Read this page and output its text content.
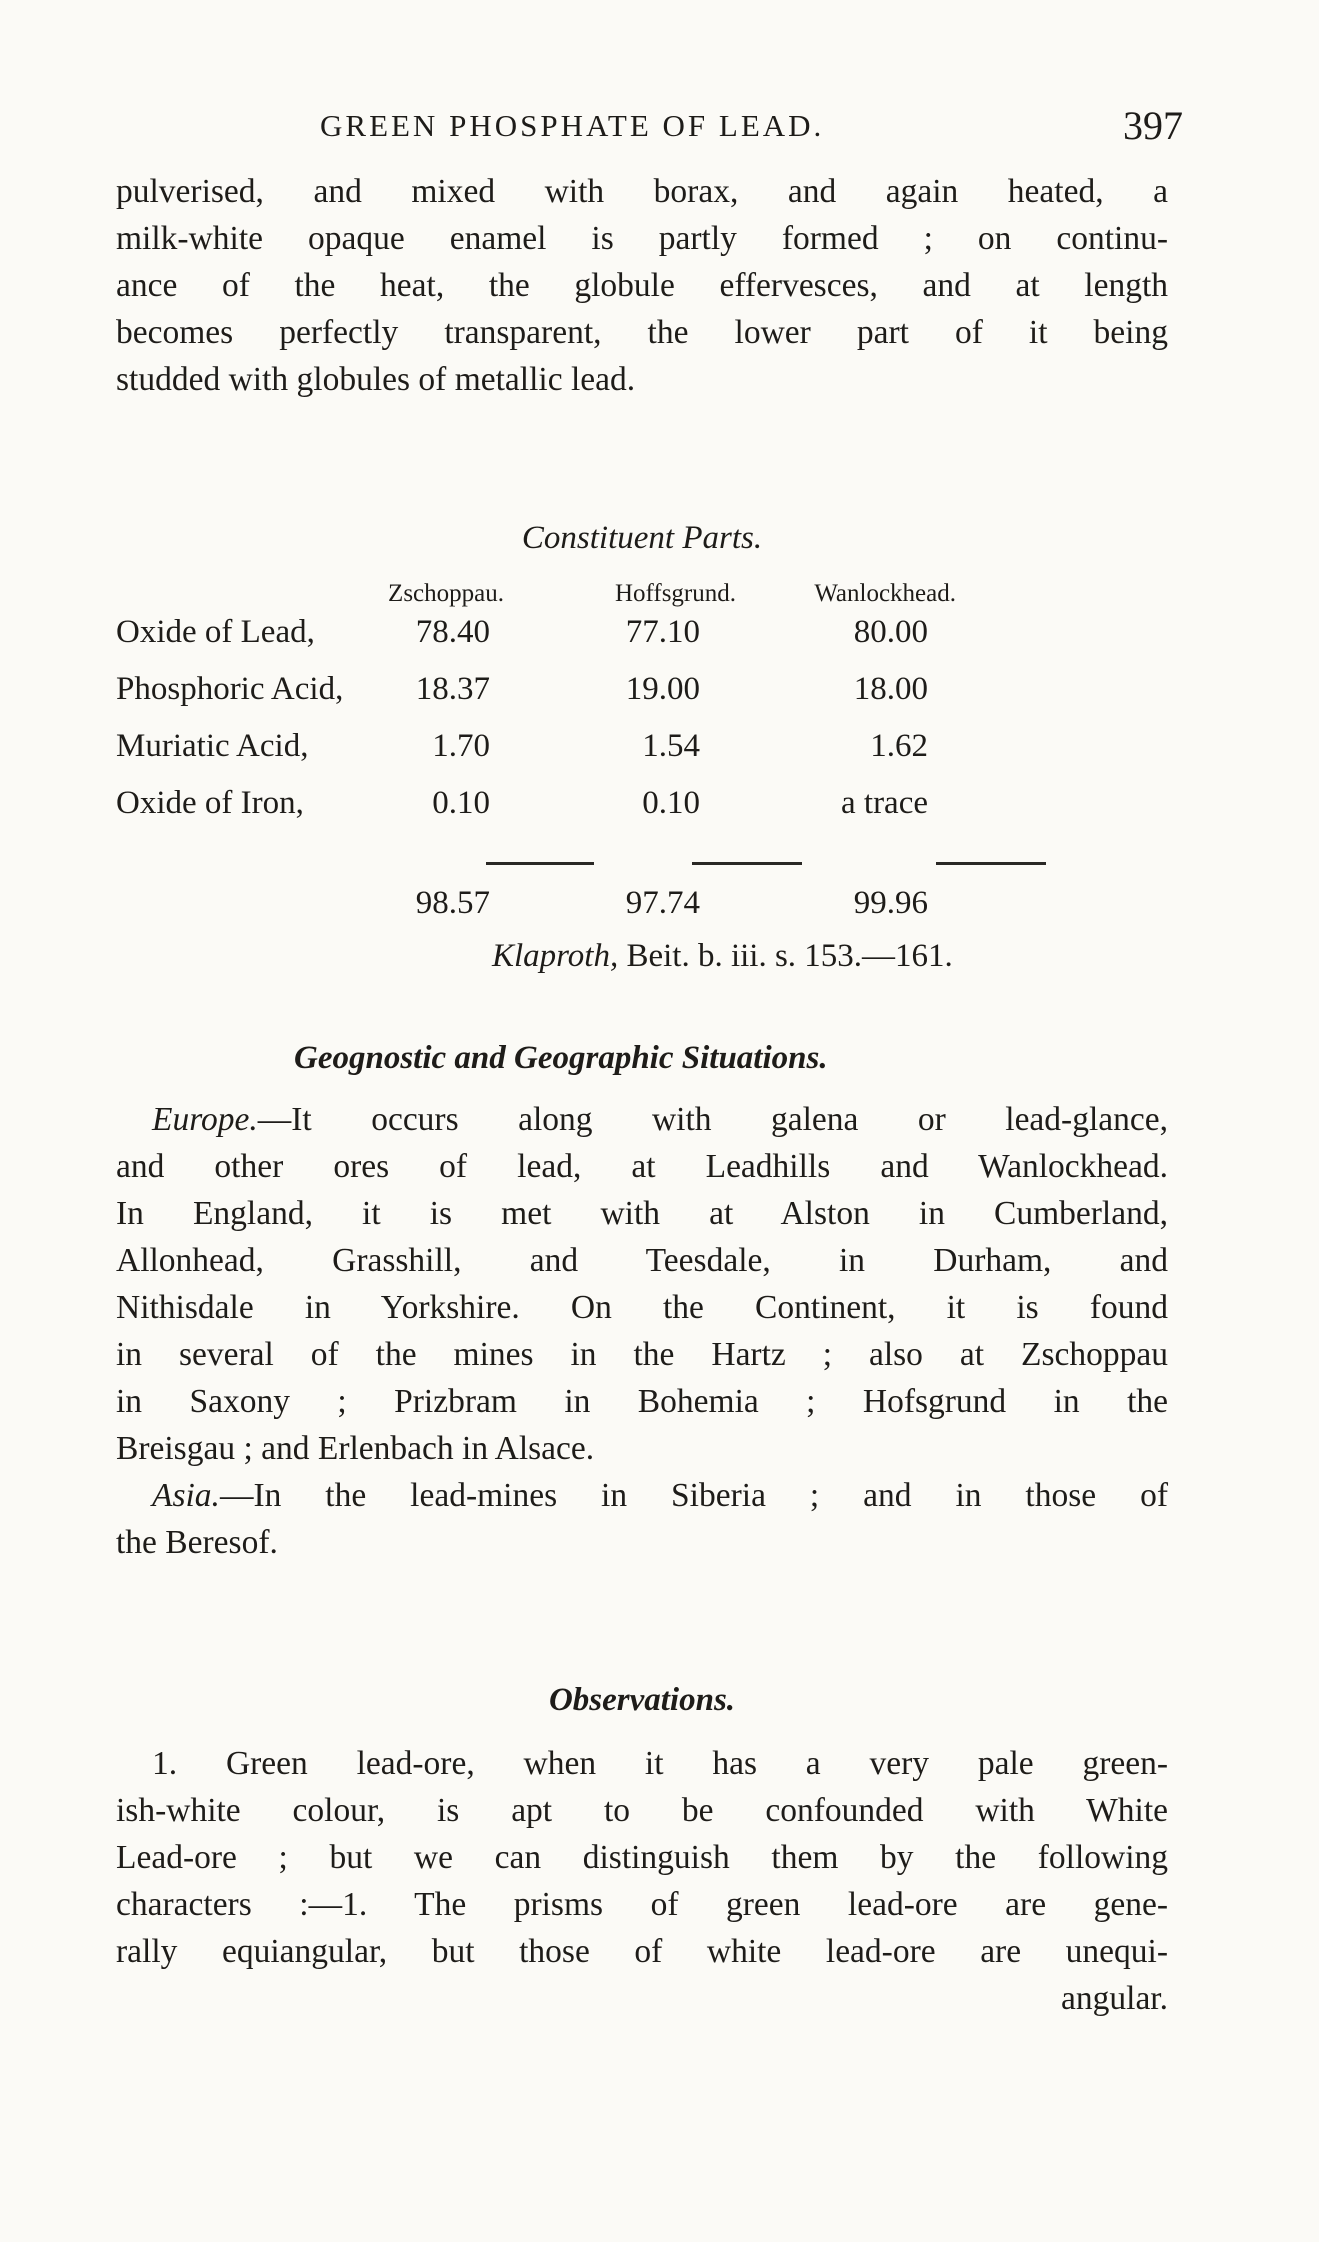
GREEN PHOSPHATE OF LEAD.	397
pulverised, and mixed with borax, and again heated, a
milk-white opaque enamel is partly formed ; on continu-
ance of the heat, the globule effervesces, and at length
becomes perfectly transparent, the lower part of it being
studded with globules of metallic lead.
Constituent Parts.
Zschoppau.	Hoffsgrund.	Wanlockhead.
Oxide of Lead,	78.40	77.10	80.00
Phosphoric Acid, 18.37	19.00	18.00
Muriatic Acid,	1.70	1.54	1.62
Oxide of Iron,	0.10	0.10	a trace
98.57	97.74	99.96
Klaproth, Beit. b. iii. s. 153.—161.
Geognostic and Geographic Situations.
Europe.—It occurs along with galena or lead-glance,
and other ores of lead, at Leadhills and Wanlockhead.
In England, it is met with at Alston in Cumberland,
Allonhead, Grasshill, and Teesdale, in Durham, and
Nithisdale in Yorkshire. On the Continent, it is found
in several of the mines in the Hartz ; also at Zschoppau
in Saxony ; Prizbram in Bohemia ; Hofsgrund in the
Breisgau ; and Erlenbach in Alsace.
Asia.—In the lead-mines in Siberia ; and in those of
the Beresof.
Observations.
1. Green lead-ore, when it has a very pale green-
ish-white colour, is apt to be confounded with White
Lead-ore ; but we can distinguish them by the following
characters :—1. The prisms of green lead-ore are gene-
rally equiangular, but those of white lead-ore are unequi-
angular.
